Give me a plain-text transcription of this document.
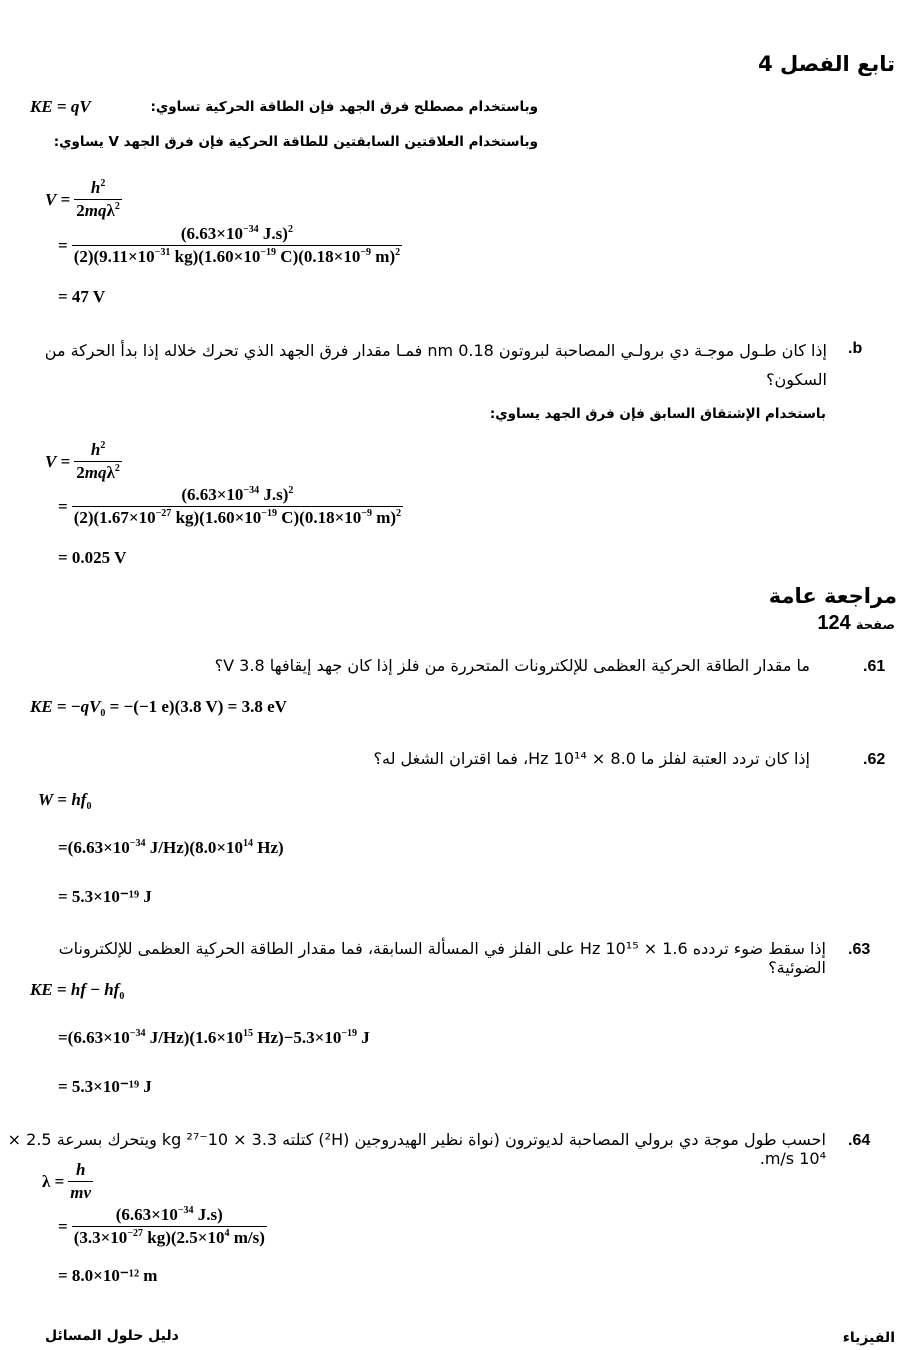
تابع الفصل 4
وباستخدام مصطلح فرق الجهد فإن الطاقة الحركية تساوي:
KE = qV
وباستخدام العلاقتين السابقتين للطاقة الحركية فإن فرق الجهد V يساوي:
$V = \frac{h^2}{2mq\lambda^2}$
= $\frac{(6.63\times 10^{-34} J.s)^2}{(2)(9.11\times 10^{-31} kg)(1.60\times 10^{-19} C)(0.18\times 10^{-9} m)^2}$
= 47 V
إذا كان طـول موجـة دي برولـي المصاحبة لبروتون 0.18 nm فمـا مقدار فرق الجهد الذي تحرك خلاله إذا بدأ الحركة من السكون؟
.b
باستخدام الإشتقاق السابق فإن فرق الجهد يساوي:
$V = \frac{h^2}{2mq\lambda^2}$
= $\frac{(6.63\times 10^{-34} J.s)^2}{(2)(1.67\times 10^{-27} kg)(1.60\times 10^{-19} C)(0.18\times 10^{-9} m)^2}$
= 0.025 V
مراجعة عامة
صفحة 124
ما مقدار الطاقة الحركية العظمى للإلكترونات المتحررة من فلز إذا كان جهد إيقافها 3.8 V؟	.61
KE = $-qV_0 = -(-1$ e)(3.8 V) = 3.8 eV
إذا كان تردد العتبة لفلز ما 8.0 × 10¹⁴ Hz، فما اقتران الشغل له؟	.62
$W = hf_0$
$=(6.63\times 10^{-34}$ $J/Hz)(8.0\times 10^{14}$ Hz)
= 5.3×10⁻¹⁹ J
إذا سقط ضوء تردده 1.6 × 10¹⁵ Hz على الفلز في المسألة السابقة، فما مقدار الطاقة الحركية العظمى للإلكترونات الضوئية؟
.63
KE = hf − $hf_0$
$=(6.63\times 10^{-34}$ $J/Hz)(1.6\times 10^{15}$ $Hz)-5.3\times 10^{-19}$ J
= 5.3×10⁻¹⁹ J
احسب طول موجة دي برولي المصاحبة لديوترون (نواة نظير الهيدروجين (²H) كتلته 3.3 × 10⁻²⁷ kg ويتحرك بسرعة 2.5 × 10⁴ m/s.
.64
$\lambda = \frac{h}{mv}$
= $\frac{(6.63\times 10^{-34} J.s)}{(3.3\times 10^{-27} kg)(2.5\times 10^4 m/s)}$
= 8.0×10⁻¹² m
الفيزياء
دليل حلول المسائل
